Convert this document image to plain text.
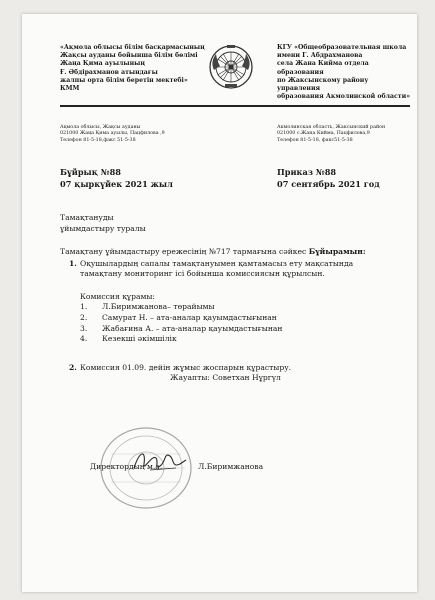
«Ақмола облысы білім басқармасының
Жақсы ауданы бойынша білім бөлімі
Жаңа Қима ауылының
Ғ. Әбдірахманов атындағы
жалпы орта білім беретін мектебі»
КММ
КГУ «Общеобразовательная школа
имени Г. Абдрахманова
села Жана Кийма отдела образования
по Жаксынскому району управления
образования Акмолинской области»
Ақмола облысы, Жақсы ауданы
021000 Жаңа Қима ауылы, Пацфилова ,9
Телефон 81-5-18,факс 51-5-38
Акмолинская область, Жаксынский район
021000 с.Жана Кийма, Пацфилова,9
Телефон 81-5-18, факс51-5-38
Бұйрық №88
07 қыркүйек 2021 жыл
Приказ №88
07 сентябрь 2021 год
Тамақтануды
ұйымдастыру туралы
Тамақтану ұйымдастыру ережесінің №717 тармағына сәйкес Бұйырамын:
1. Оқушылардың сапалы тамақтануымен қамтамасыз ету мақсатында
тамақтану мониторинг ісі бойынша комиссиясын құрылсын.
Комиссия құрамы:
1. Л.Биримжанова– төрайымы
2. Самурат Н. – ата-аналар қауымдастығынан
3. Жабағина А. – ата-аналар қауымдастығынан
4. Кезекші әкімшілік
2. Комиссия 01.09. дейін жұмыс жоспарын құрастыру.
Жауапты: Советхан Нұргүл
Директордың м.а.	Л.Биримжанова
